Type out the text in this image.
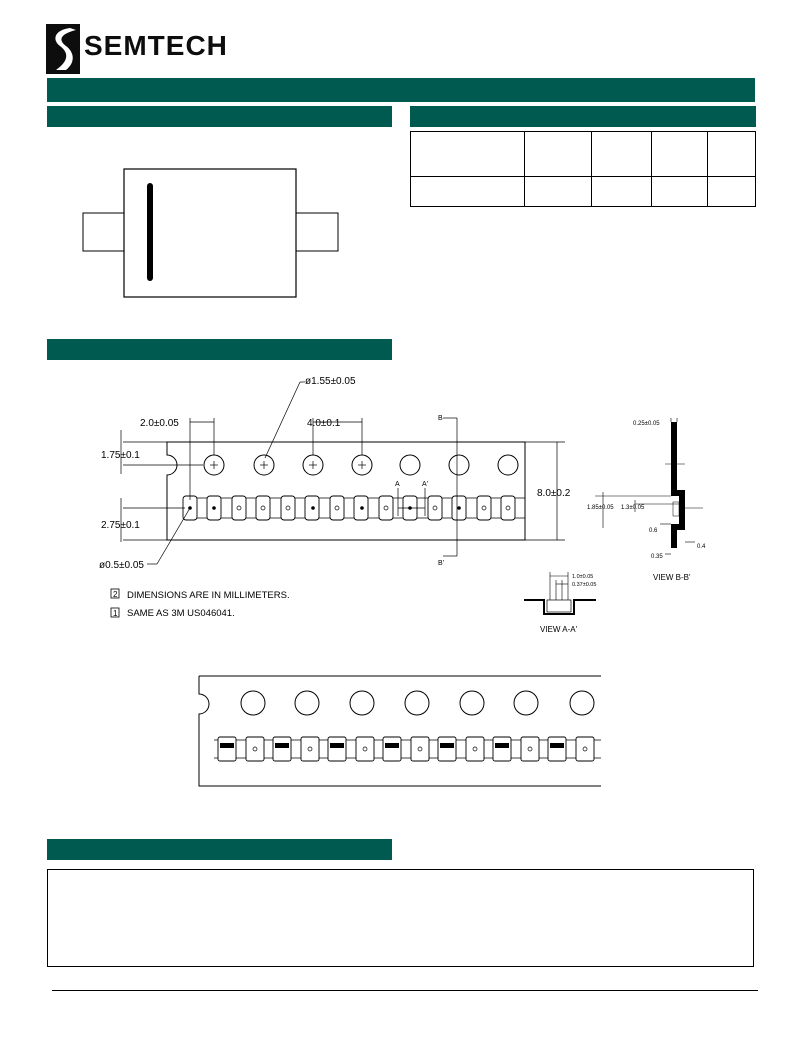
SEMTECH

2.0±0.05
ø1.55±0.05
4.0±0.1
1.75±0.1
2.75±0.1
8.0±0.2
ø0.5±0.05
B
B'
A	A'
2 DIMENSIONS ARE IN MILLIMETERS.
1 SAME AS 3M US046041.
0.25±0.05
1.85±0.05 1.3±0.05
0.6
0.35
0.4
VIEW B-B'
1.0±0.05
0.37±0.05
VIEW A-A'
